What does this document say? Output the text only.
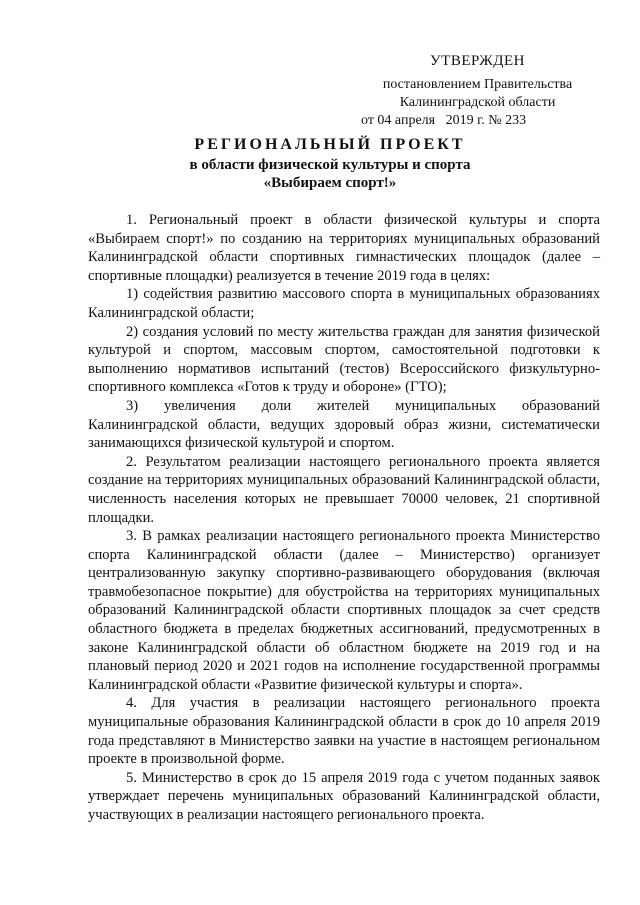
УТВЕРЖДЕН
постановлением Правительства
Калининградской области
от 04 апреля   2019 г. № 233
РЕГИОНАЛЬНЫЙ ПРОЕКТ
в области физической культуры и спорта
«Выбираем спорт!»

1. Региональный проект в области физической культуры и спорта «Выбираем спорт!» по созданию на территориях муниципальных образований Калининградской области спортивных гимнастических площадок (далее – спортивные площадки) реализуется в течение 2019 года в целях:

1) содействия развитию массового спорта в муниципальных образованиях Калининградской области;

2) создания условий по месту жительства граждан для занятия физической культурой и спортом, массовым спортом, самостоятельной подготовки к выполнению нормативов испытаний (тестов) Всероссийского физкультурно-спортивного комплекса «Готов к труду и обороне» (ГТО);

3) увеличения доли жителей муниципальных образований Калининградской области, ведущих здоровый образ жизни, систематически занимающихся физической культурой и спортом.

2. Результатом реализации настоящего регионального проекта является создание на территориях муниципальных образований Калининградской области, численность населения которых не превышает 70000 человек, 21 спортивной площадки.

3. В рамках реализации настоящего регионального проекта Министерство спорта Калининградской области (далее – Министерство) организует централизованную закупку спортивно-развивающего оборудования (включая травмобезопасное покрытие) для обустройства на территориях муниципальных образований Калининградской области спортивных площадок за счет средств областного бюджета в пределах бюджетных ассигнований, предусмотренных в законе Калининградской области об областном бюджете на 2019 год и на плановый период 2020 и 2021 годов на исполнение государственной программы Калининградской области «Развитие физической культуры и спорта».

4. Для участия в реализации настоящего регионального проекта муниципальные образования Калининградской области в срок до 10 апреля 2019 года представляют в Министерство заявки на участие в настоящем региональном проекте в произвольной форме.

5. Министерство в срок до 15 апреля 2019 года с учетом поданных заявок утверждает перечень муниципальных образований Калининградской области, участвующих в реализации настоящего регионального проекта.
